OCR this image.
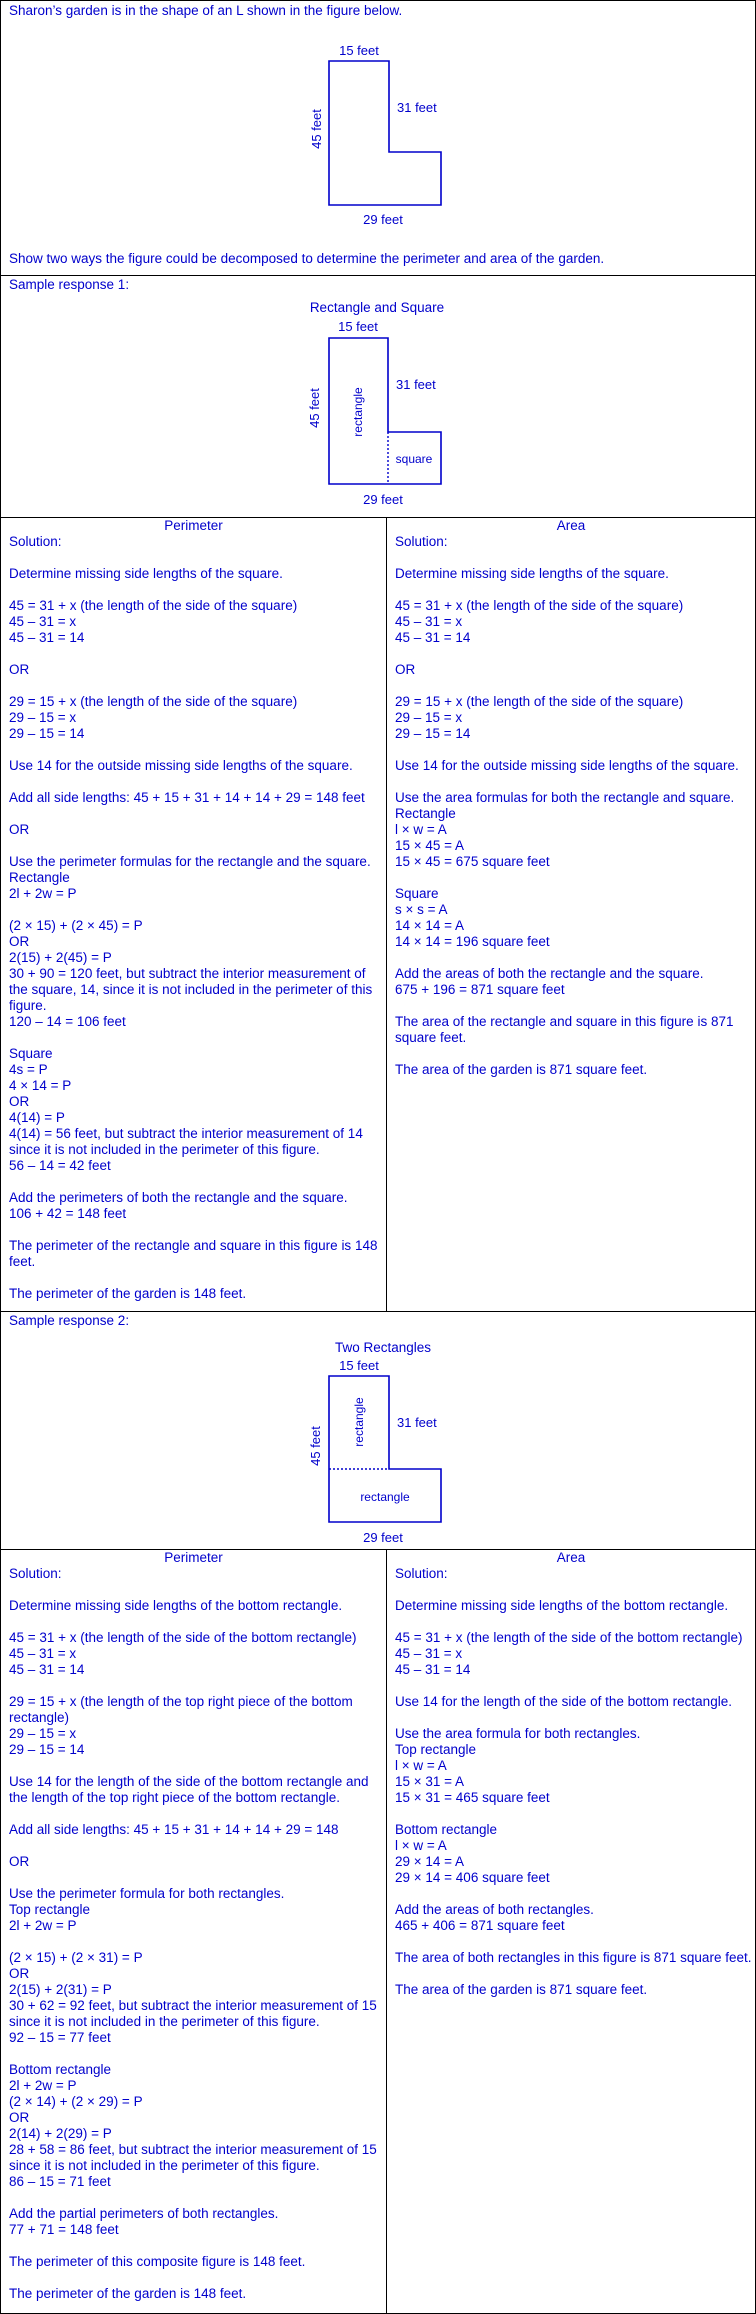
Sharon’s garden is in the shape of an L shown in the figure below.
15 feet
31 feet
45 feet
29 feet
Show two ways the figure could be decomposed to determine the perimeter and area of the garden.
Sample response 1:
Rectangle and Square
15 feet
31 feet
45 feet
29 feet
rectangle
square
Perimeter
Solution:
Determine missing side lengths of the square.
45 = 31 + x (the length of the side of the square)
45 – 31 = x
45 – 31 = 14
OR
29 = 15 + x (the length of the side of the square)
29 – 15 = x
29 – 15 = 14
Use 14 for the outside missing side lengths of the square.
Add all side lengths: 45 + 15 + 31 + 14 + 14 + 29 = 148 feet
OR
Use the perimeter formulas for the rectangle and the square.
Rectangle
2l + 2w = P
(2 × 15) + (2 × 45) = P
OR
2(15) + 2(45) = P
30 + 90 = 120 feet, but subtract the interior measurement of
the square, 14, since it is not included in the perimeter of this
figure.
120 – 14 = 106 feet
Square
4s = P
4 × 14 = P
OR
4(14) = P
4(14) = 56 feet, but subtract the interior measurement of 14
since it is not included in the perimeter of this figure.
56 – 14 = 42 feet
Add the perimeters of both the rectangle and the square.
106 + 42 = 148 feet
The perimeter of the rectangle and square in this figure is 148
feet.
The perimeter of the garden is 148 feet.
Area
Solution:
Determine missing side lengths of the square.
45 = 31 + x (the length of the side of the square)
45 – 31 = x
45 – 31 = 14
OR
29 = 15 + x (the length of the side of the square)
29 – 15 = x
29 – 15 = 14
Use 14 for the outside missing side lengths of the square.
Use the area formulas for both the rectangle and square.
Rectangle
l × w = A
15 × 45 = A
15 × 45 = 675 square feet
Square
s × s = A
14 × 14 = A
14 × 14 = 196 square feet
Add the areas of both the rectangle and the square.
675 + 196 = 871 square feet
The area of the rectangle and square in this figure is 871
square feet.
The area of the garden is 871 square feet.
Sample response 2:
Two Rectangles
15 feet
31 feet
45 feet
29 feet
rectangle
rectangle
Perimeter
Solution:
Determine missing side lengths of the bottom rectangle.
45 = 31 + x (the length of the side of the bottom rectangle)
45 – 31 = x
45 – 31 = 14
29 = 15 + x (the length of the top right piece of the bottom
rectangle)
29 – 15 = x
29 – 15 = 14
Use 14 for the length of the side of the bottom rectangle and
the length of the top right piece of the bottom rectangle.
Add all side lengths: 45 + 15 + 31 + 14 + 14 + 29 = 148
OR
Use the perimeter formula for both rectangles.
Top rectangle
2l + 2w = P
(2 × 15) + (2 × 31) = P
OR
2(15) + 2(31) = P
30 + 62 = 92 feet, but subtract the interior measurement of 15
since it is not included in the perimeter of this figure.
92 – 15 = 77 feet
Bottom rectangle
2l + 2w = P
(2 × 14) + (2 × 29) = P
OR
2(14) + 2(29) = P
28 + 58 = 86 feet, but subtract the interior measurement of 15
since it is not included in the perimeter of this figure.
86 – 15 = 71 feet
Add the partial perimeters of both rectangles.
77 + 71 = 148 feet
The perimeter of this composite figure is 148 feet.
The perimeter of the garden is 148 feet.
Area
Solution:
Determine missing side lengths of the bottom rectangle.
45 = 31 + x (the length of the side of the bottom rectangle)
45 – 31 = x
45 – 31 = 14
Use 14 for the length of the side of the bottom rectangle.
Use the area formula for both rectangles.
Top rectangle
l × w = A
15 × 31 = A
15 × 31 = 465 square feet
Bottom rectangle
l × w = A
29 × 14 = A
29 × 14 = 406 square feet
Add the areas of both rectangles.
465 + 406 = 871 square feet
The area of both rectangles in this figure is 871 square feet.
The area of the garden is 871 square feet.
